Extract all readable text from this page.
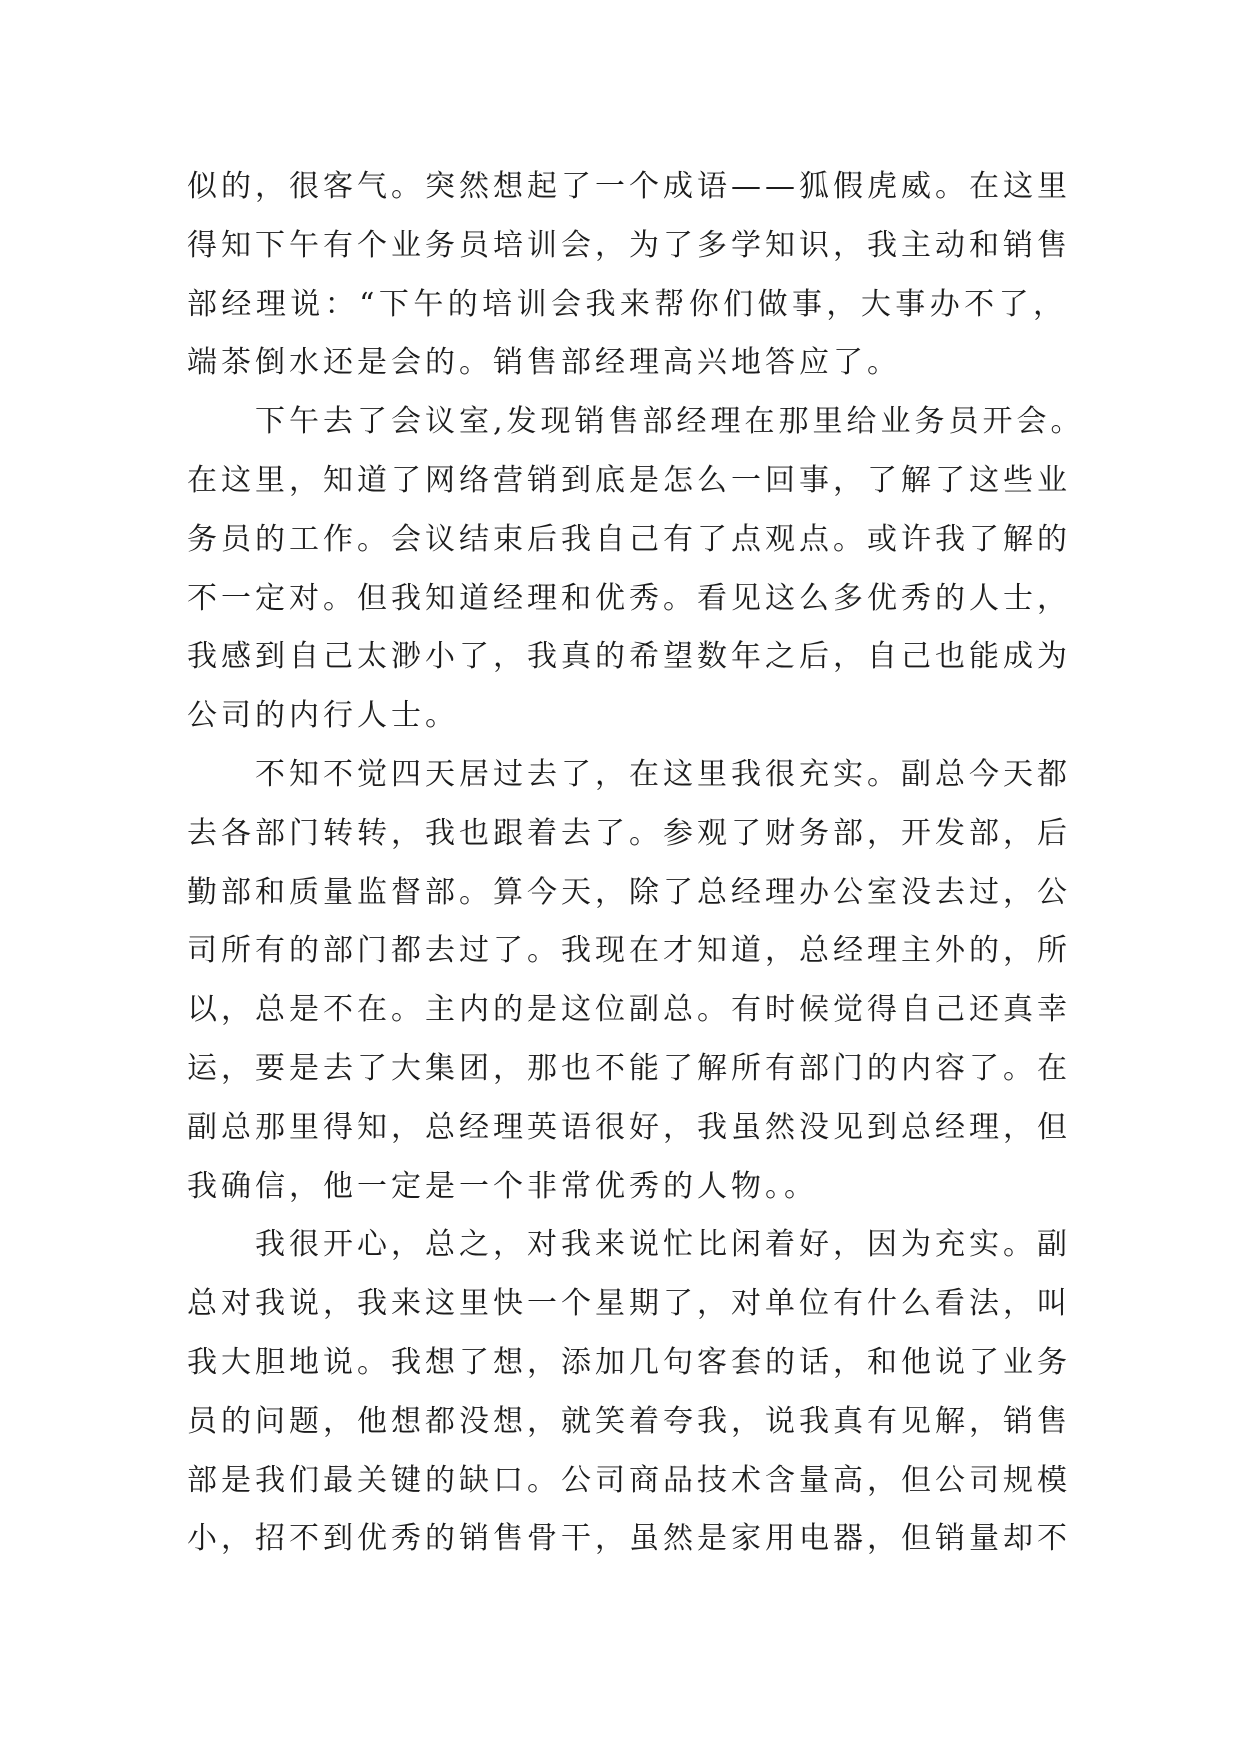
似的，很客气。突然想起了一个成语——狐假虎威。在这里
得知下午有个业务员培训会，为了多学知识，我主动和销售
部经理说：“下午的培训会我来帮你们做事，大事办不了，
端茶倒水还是会的。销售部经理高兴地答应了。
下午去了会议室,发现销售部经理在那里给业务员开会。
在这里，知道了网络营销到底是怎么一回事，了解了这些业
务员的工作。会议结束后我自己有了点观点。或许我了解的
不一定对。但我知道经理和优秀。看见这么多优秀的人士，
我感到自己太渺小了，我真的希望数年之后，自己也能成为
公司的内行人士。
不知不觉四天居过去了，在这里我很充实。副总今天都
去各部门转转，我也跟着去了。参观了财务部，开发部，后
勤部和质量监督部。算今天，除了总经理办公室没去过，公
司所有的部门都去过了。我现在才知道，总经理主外的，所
以，总是不在。主内的是这位副总。有时候觉得自己还真幸
运，要是去了大集团，那也不能了解所有部门的内容了。在
副总那里得知，总经理英语很好，我虽然没见到总经理，但
我确信，他一定是一个非常优秀的人物。。
我很开心，总之，对我来说忙比闲着好，因为充实。副
总对我说，我来这里快一个星期了，对单位有什么看法，叫
我大胆地说。我想了想，添加几句客套的话，和他说了业务
员的问题，他想都没想，就笑着夸我，说我真有见解，销售
部是我们最关键的缺口。公司商品技术含量高，但公司规模
小，招不到优秀的销售骨干，虽然是家用电器，但销量却不
